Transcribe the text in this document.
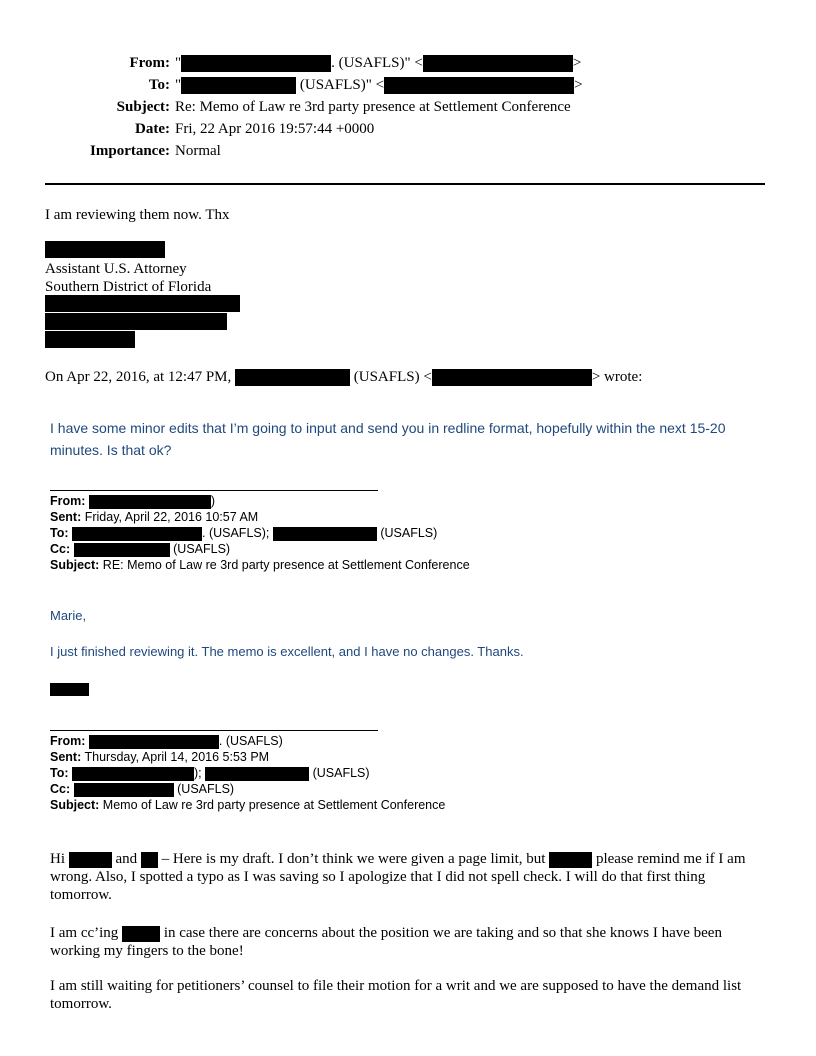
From: "	. (USAFLS)" <	>
To: "	(USAFLS)" <	>
Subject: Re: Memo of Law re 3rd party presence at Settlement Conference
Date: Fri, 22 Apr 2016 19:57:44 +0000
Importance: Normal
I am reviewing them now. Thx
Assistant U.S. Attorney
Southern District of Florida
On Apr 22, 2016, at 12:47 PM,	(USAFLS) <	> wrote:
I have some minor edits that I’m going to input and send you in redline format, hopefully within the next 15-20 minutes. Is that ok?
From:	)
Sent: Friday, April 22, 2016 10:57 AM
To:	. (USAFLS);	(USAFLS)
Cc:	(USAFLS)
Subject: RE: Memo of Law re 3rd party presence at Settlement Conference
Marie,
I just finished reviewing it. The memo is excellent, and I have no changes. Thanks.
From:	. (USAFLS)
Sent: Thursday, April 14, 2016 5:53 PM
To:	);	(USAFLS)
Cc:	(USAFLS)
Subject: Memo of Law re 3rd party presence at Settlement Conference
Hi	and – Here is my draft. I don’t think we were given a page limit, but	please remind me if I am wrong. Also, I spotted a typo as I was saving so I apologize that I did not spell check. I will do that first thing tomorrow.
I am cc’ing	in case there are concerns about the position we are taking and so that she knows I have been working my fingers to the bone!
I am still waiting for petitioners’ counsel to file their motion for a writ and we are supposed to have the demand list tomorrow.
